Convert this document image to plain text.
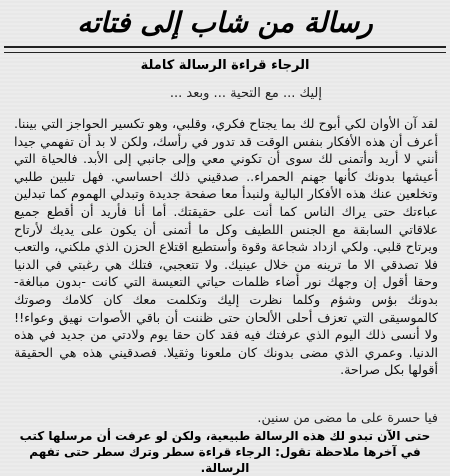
رسالة من شاب إلى فتاته
الرجاء قراءة الرسالة كاملة
إليك ... مع التحية ... وبعد ...
لقد آن الأوان لكي أبوح لك بما يجتاح فكري، وقلبي، وهو تكسير الحواجز التي بيننا. أعرف أن هذه الأفكار بنفس الوقت قد تدور في رأسك، ولكن لا بد أن تفهمي جيدا أنني لا أريد وأتمنى لك سوى أن تكوني معي وإلى جانبي إلى الأبد. فالحياة التي أعيشها بدونك كأنها جهنم الحمراء.. صدقيني ذلك احساسي. فهل تلبين طلبي وتخلعين عنك هذه الأفكار البالية ولنبدأ معا صفحة جديدة وتبدلي الهموم كما تبدلين عباءتك حتى يراك الناس كما أنت على حقيقتك. أما أنا فأريد أن أقطع جميع علاقاتي السابقة مع الجنس اللطيف وكل ما أتمنى أن يكون على يديك لأرتاح ويرتاح قلبي. ولكي ازداد شجاعة وقوة وأستطيع اقتلاع الحزن الذي ملكني، والتعب فلا تصدقي الا ما ترينه من خلال عينيك. ولا تتعجبي، فتلك هي رغبتي في الدنيا وحقا أقول إن وجهك نور أضاء ظلمات حياتي التعيسة التي كانت -بدون مبالغة- بدونك بؤس وشؤم وكلما نظرت إليك وتكلمت معك كان كلامك وصوتك كالموسيقى التي تعزف أحلى الألحان حتى ظننت أن باقي الأصوات نهيق وعواء!! ولا أنسى ذلك اليوم الذي عرفتك فيه فقد كان حقا يوم ولادتي من جديد في هذه الدنيا. وعمري الذي مضى بدونك كان ملعونا وثقيلا. فصدقيني هذه هي الحقيقة أقولها بكل صراحة.
فيا حسرة على ما مضى من سنين.
حتى الآن تبدو لك هذه الرسالة طبيعية، ولكن لو عرفت أن مرسلها كتب في آخرها ملاحظة تقول: الرجاء قراءة سطر وترك سطر حتى تفهم الرسالة.
